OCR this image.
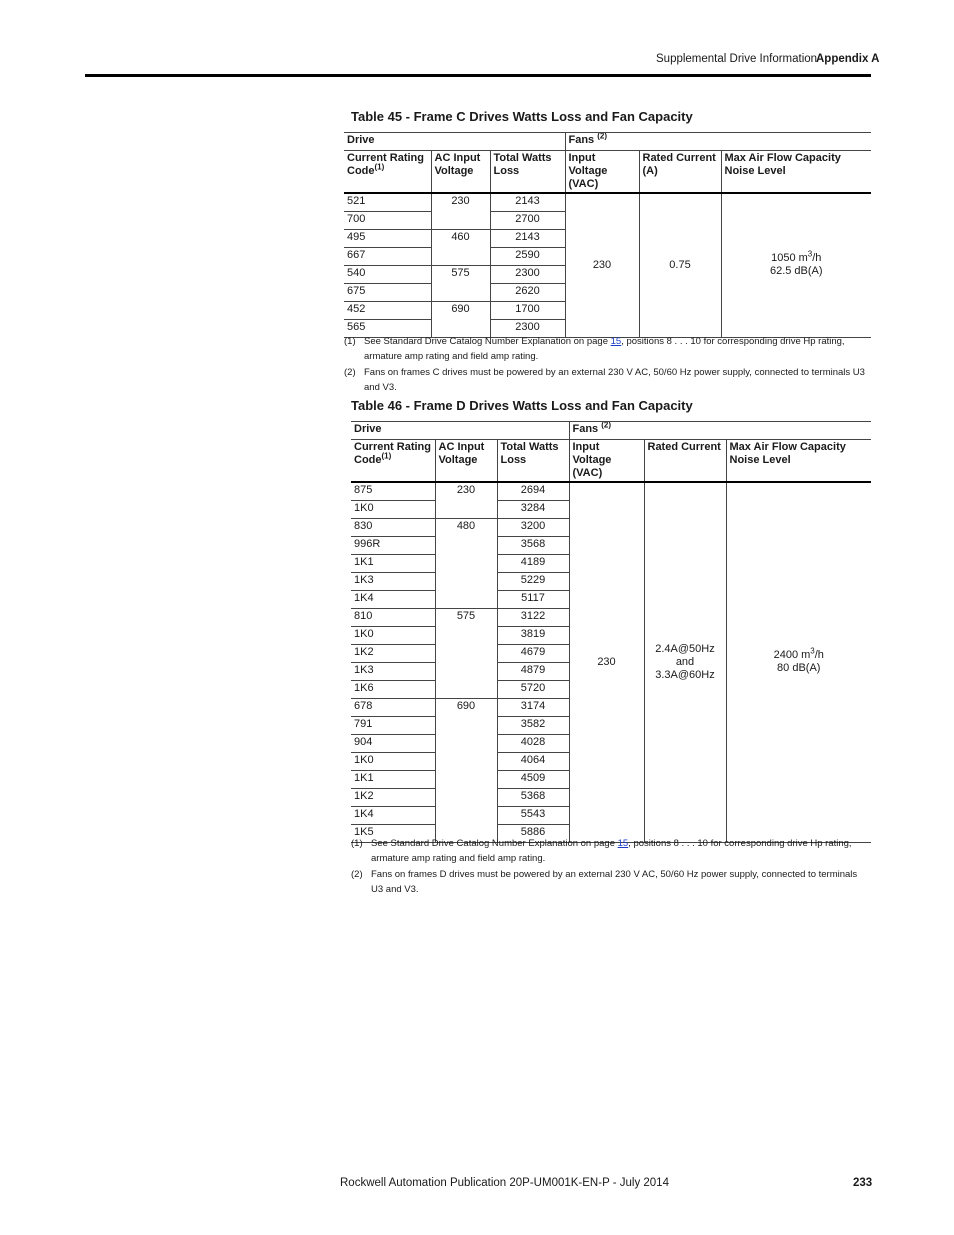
Supplemental Drive Information
Appendix A
Table 45 - Frame C Drives Watts Loss and Fan Capacity
Drive			Fans $^{(2)}$
Current Rating Code$^{(1)}$	AC Input Voltage	Total Watts Loss	Input Voltage (VAC)	Rated Current (A)	Max Air Flow Capacity Noise Level
521	230	2143	230	0.75	1050 $m^3/h$
62.5 dB(A)
700		2700			
495	460	2143			
667		2590			
540	575	2300			
675		2620			
452	690	1700			
565		2300			
(1) See Standard Drive Catalog Number Explanation on page 15, positions 8 . . . 10 for corresponding drive Hp rating, armature amp rating and field amp rating.
(2) Fans on frames C drives must be powered by an external 230 V AC, 50/60 Hz power supply, connected to terminals U3 and V3.
Table 46 - Frame D Drives Watts Loss and Fan Capacity
Drive			Fans $^{(2)}$
Current Rating Code$^{(1)}$	AC Input Voltage	Total Watts Loss	Input Voltage (VAC)	Rated Current	Max Air Flow Capacity Noise Level
875	230	2694	230	2.4A@50Hz and
3.3A@60Hz	2400 $m^3/h$
80 dB(A)
1K0		3284			
830	480	3200			
996R		3568			
1K1		4189			
1K3		5229			
1K4		5117			
810	575	3122			
1K0		3819			
1K2		4679			
1K3		4879			
1K6		5720			
678	690	3174			
791		3582			
904		4028			
1K0		4064			
1K1		4509			
1K2		5368			
1K4		5543			
1K5		5886			
(1) See Standard Drive Catalog Number Explanation on page 15, positions 8 . . . 10 for corresponding drive Hp rating, armature amp rating and field amp rating.
(2) Fans on frames D drives must be powered by an external 230 V AC, 50/60 Hz power supply, connected to terminals U3 and V3.
Rockwell Automation Publication 20P-UM001K-EN-P - July 2014	233
